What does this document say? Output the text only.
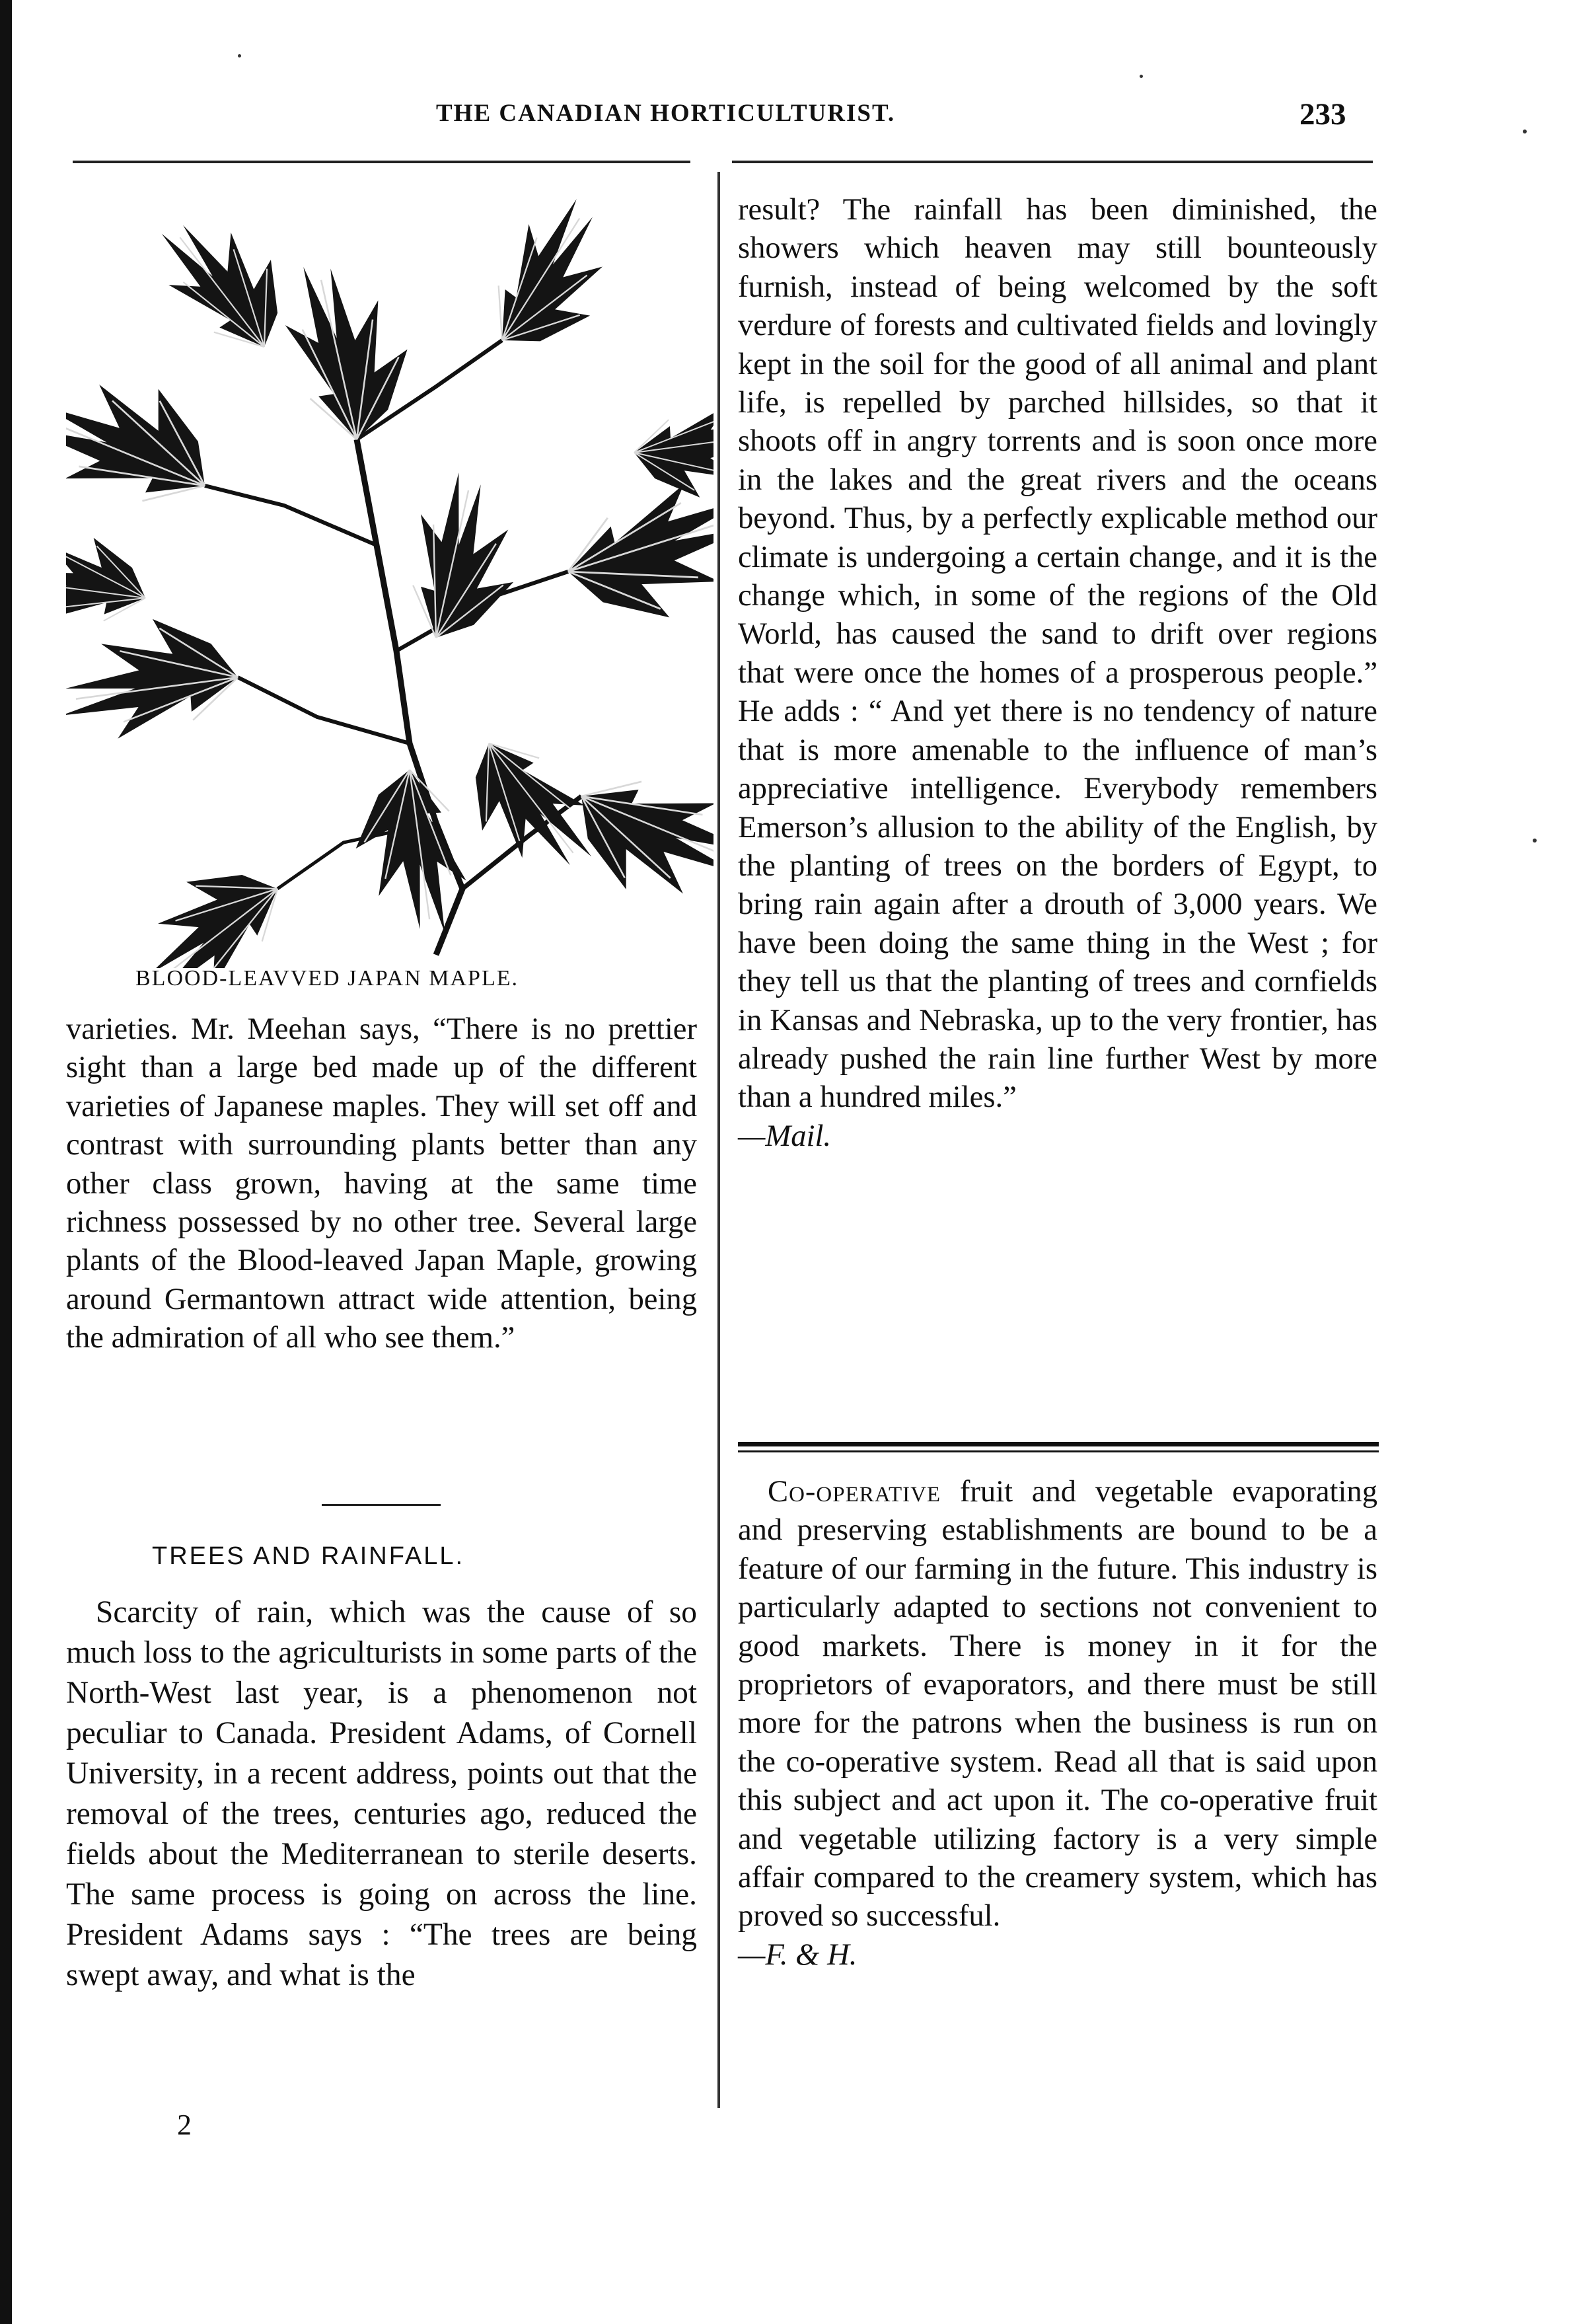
THE CANADIAN HORTICULTURIST.	233
BLOOD-LEAVVED JAPAN MAPLE.

varieties. Mr. Meehan says, “There is no prettier sight than a large bed made up of the different varieties of Japanese maples. They will set off and contrast with surrounding plants better than any other class grown, having at the same time richness possessed by no other tree. Several large plants of the Blood-leaved Japan Maple, growing around Germantown attract wide attention, being the admiration of all who see them.”

TREES AND RAINFALL.

Scarcity of rain, which was the cause of so much loss to the agriculturists in some parts of the North-West last year, is a phenomenon not peculiar to Canada. President Adams, of Cornell University, in a recent address, points out that the removal of the trees, centuries ago, reduced the fields about the Mediterranean to sterile deserts. The same process is going on across the line. President Adams says : “The trees are being swept away, and what is the

2

result? The rainfall has been diminished, the showers which heaven may still bounteously furnish, instead of being welcomed by the soft verdure of forests and cultivated fields and lovingly kept in the soil for the good of all animal and plant life, is repelled by parched hillsides, so that it shoots off in angry torrents and is soon once more in the lakes and the great rivers and the oceans beyond. Thus, by a perfectly explicable method our climate is undergoing a certain change, and it is the change which, in some of the regions of the Old World, has caused the sand to drift over regions that were once the homes of a prosperous people.” He adds : “ And yet there is no tendency of nature that is more amenable to the influence of man’s appreciative intelligence. Everybody remembers Emerson’s allusion to the ability of the English, by the planting of trees on the borders of Egypt, to bring rain again after a drouth of 3,000 years. We have been doing the same thing in the West ; for they tell us that the planting of trees and cornfields in Kansas and Nebraska, up to the very frontier, has already pushed the rain line further West by more than a hundred miles.”

—Mail.

Co-operative fruit and vegetable evaporating and preserving establishments are bound to be a feature of our farming in the future. This industry is particularly adapted to sections not convenient to good markets. There is money in it for the proprietors of evaporators, and there must be still more for the patrons when the business is run on the co-operative system. Read all that is said upon this subject and act upon it. The co-operative fruit and vegetable utilizing factory is a very simple affair compared to the creamery system, which has proved so successful.

—F. & H.
